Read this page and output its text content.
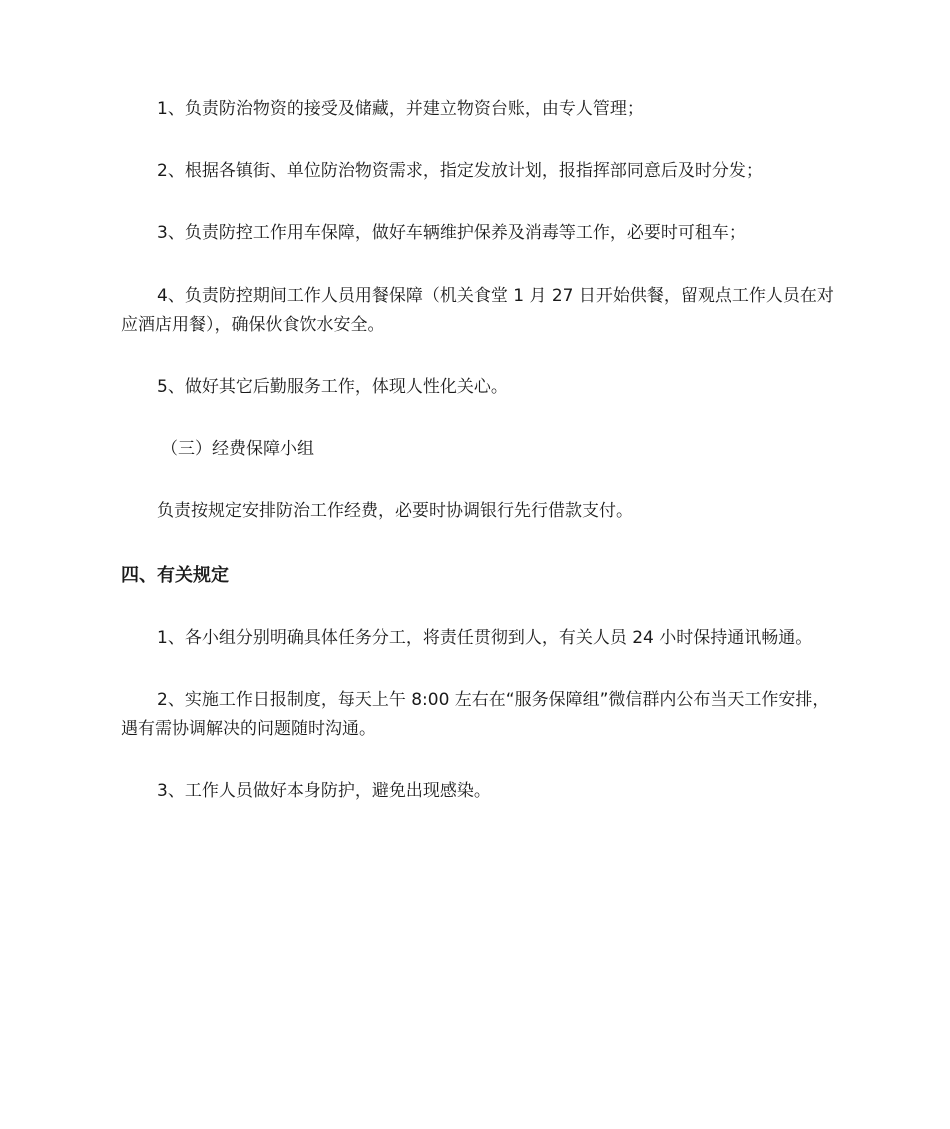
1、负责防治物资的接受及储藏，并建立物资台账，由专人管理；

2、根据各镇街、单位防治物资需求，指定发放计划，报指挥部同意后及时分发；

3、负责防控工作用车保障，做好车辆维护保养及消毒等工作，必要时可租车；

4、负责防控期间工作人员用餐保障（机关食堂 1 月 27 日开始供餐，留观点工作人员在对应酒店用餐），确保伙食饮水安全。

5、做好其它后勤服务工作，体现人性化关心。

（三）经费保障小组

负责按规定安排防治工作经费，必要时协调银行先行借款支付。

四、有关规定

1、各小组分别明确具体任务分工，将责任贯彻到人，有关人员 24 小时保持通讯畅通。

2、实施工作日报制度，每天上午 8:00 左右在“服务保障组”微信群内公布当天工作安排，遇有需协调解决的问题随时沟通。

3、工作人员做好本身防护，避免出现感染。
